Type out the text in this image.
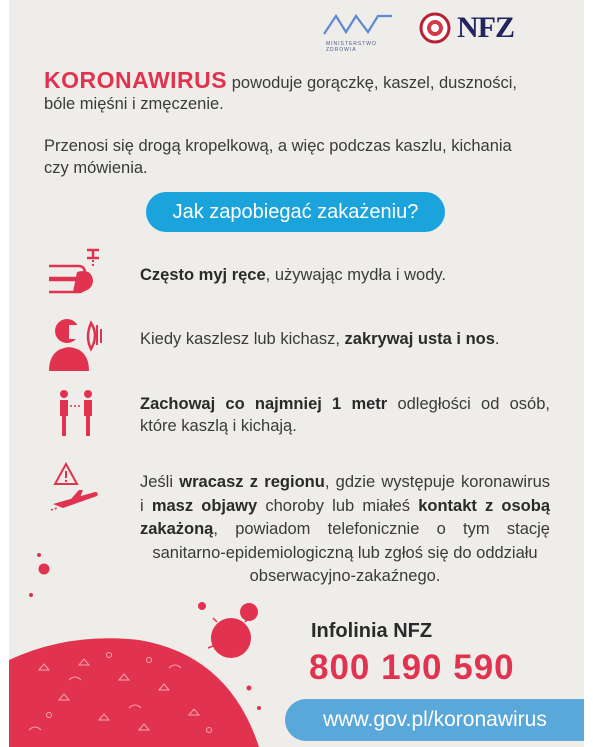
MINISTERSTWO ZDROWIA
NFZ
KORONAWIRUS powoduje gorączkę, kaszel, duszności,
bóle mięśni i zmęczenie.
Przenosi się drogą kropelkową, a więc podczas kaszlu, kichania
czy mówienia.
Jak zapobiegać zakażeniu?
Często myj ręce, używając mydła i wody.
Kiedy kaszlesz lub kichasz, zakrywaj usta i nos.
Zachowaj co najmniej 1 metr odległości od osób,
które kaszlą i kichają.
Jeśli wracasz z regionu, gdzie występuje koronawirus
i masz objawy choroby lub miałeś kontakt z osobą
zakażoną, powiadom telefonicznie o tym stację
sanitarno-epidemiologiczną lub zgłoś się do oddziału
obserwacyjno-zakaźnego.
Infolinia NFZ
800 190 590
www.gov.pl/koronawirus
